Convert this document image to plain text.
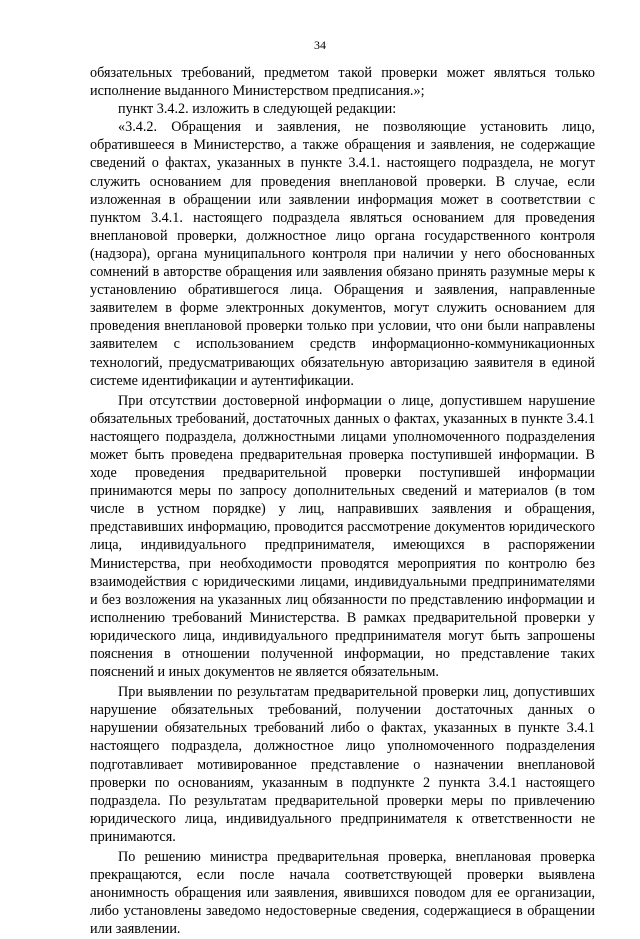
34

обязательных требований, предметом такой проверки может являться только исполнение выданного Министерством предписания.»;

пункт 3.4.2. изложить в следующей редакции:

«3.4.2. Обращения и заявления, не позволяющие установить лицо, обратившееся в Министерство, а также обращения и заявления, не содержащие сведений о фактах, указанных в пункте 3.4.1. настоящего подраздела, не могут служить основанием для проведения внеплановой проверки. В случае, если изложенная в обращении или заявлении информация может в соответствии с пунктом 3.4.1. настоящего подраздела являться основанием для проведения внеплановой проверки, должностное лицо органа государственного контроля (надзора), органа муниципального контроля при наличии у него обоснованных сомнений в авторстве обращения или заявления обязано принять разумные меры к установлению обратившегося лица. Обращения и заявления, направленные заявителем в форме электронных документов, могут служить основанием для проведения внеплановой проверки только при условии, что они были направлены заявителем с использованием средств информационно-коммуникационных технологий, предусматривающих обязательную авторизацию заявителя в единой системе идентификации и аутентификации.

При отсутствии достоверной информации о лице, допустившем нарушение обязательных требований, достаточных данных о фактах, указанных в пункте 3.4.1 настоящего подраздела, должностными лицами уполномоченного подразделения может быть проведена предварительная проверка поступившей информации. В ходе проведения предварительной проверки поступившей информации принимаются меры по запросу дополнительных сведений и материалов (в том числе в устном порядке) у лиц, направивших заявления и обращения, представивших информацию, проводится рассмотрение документов юридического лица, индивидуального предпринимателя, имеющихся в распоряжении Министерства, при необходимости проводятся мероприятия по контролю без взаимодействия с юридическими лицами, индивидуальными предпринимателями и без возложения на указанных лиц обязанности по представлению информации и исполнению требований Министерства. В рамках предварительной проверки у юридического лица, индивидуального предпринимателя могут быть запрошены пояснения в отношении полученной информации, но представление таких пояснений и иных документов не является обязательным.

При выявлении по результатам предварительной проверки лиц, допустивших нарушение обязательных требований, получении достаточных данных о нарушении обязательных требований либо о фактах, указанных в пункте 3.4.1 настоящего подраздела, должностное лицо уполномоченного подразделения подготавливает мотивированное представление о назначении внеплановой проверки по основаниям, указанным в подпункте 2 пункта 3.4.1 настоящего подраздела. По результатам предварительной проверки меры по привлечению юридического лица, индивидуального предпринимателя к ответственности не принимаются.

По решению министра предварительная проверка, внеплановая проверка прекращаются, если после начала соответствующей проверки выявлена анонимность обращения или заявления, явившихся поводом для ее организации, либо установлены заведомо недостоверные сведения, содержащиеся в обращении или заявлении.
